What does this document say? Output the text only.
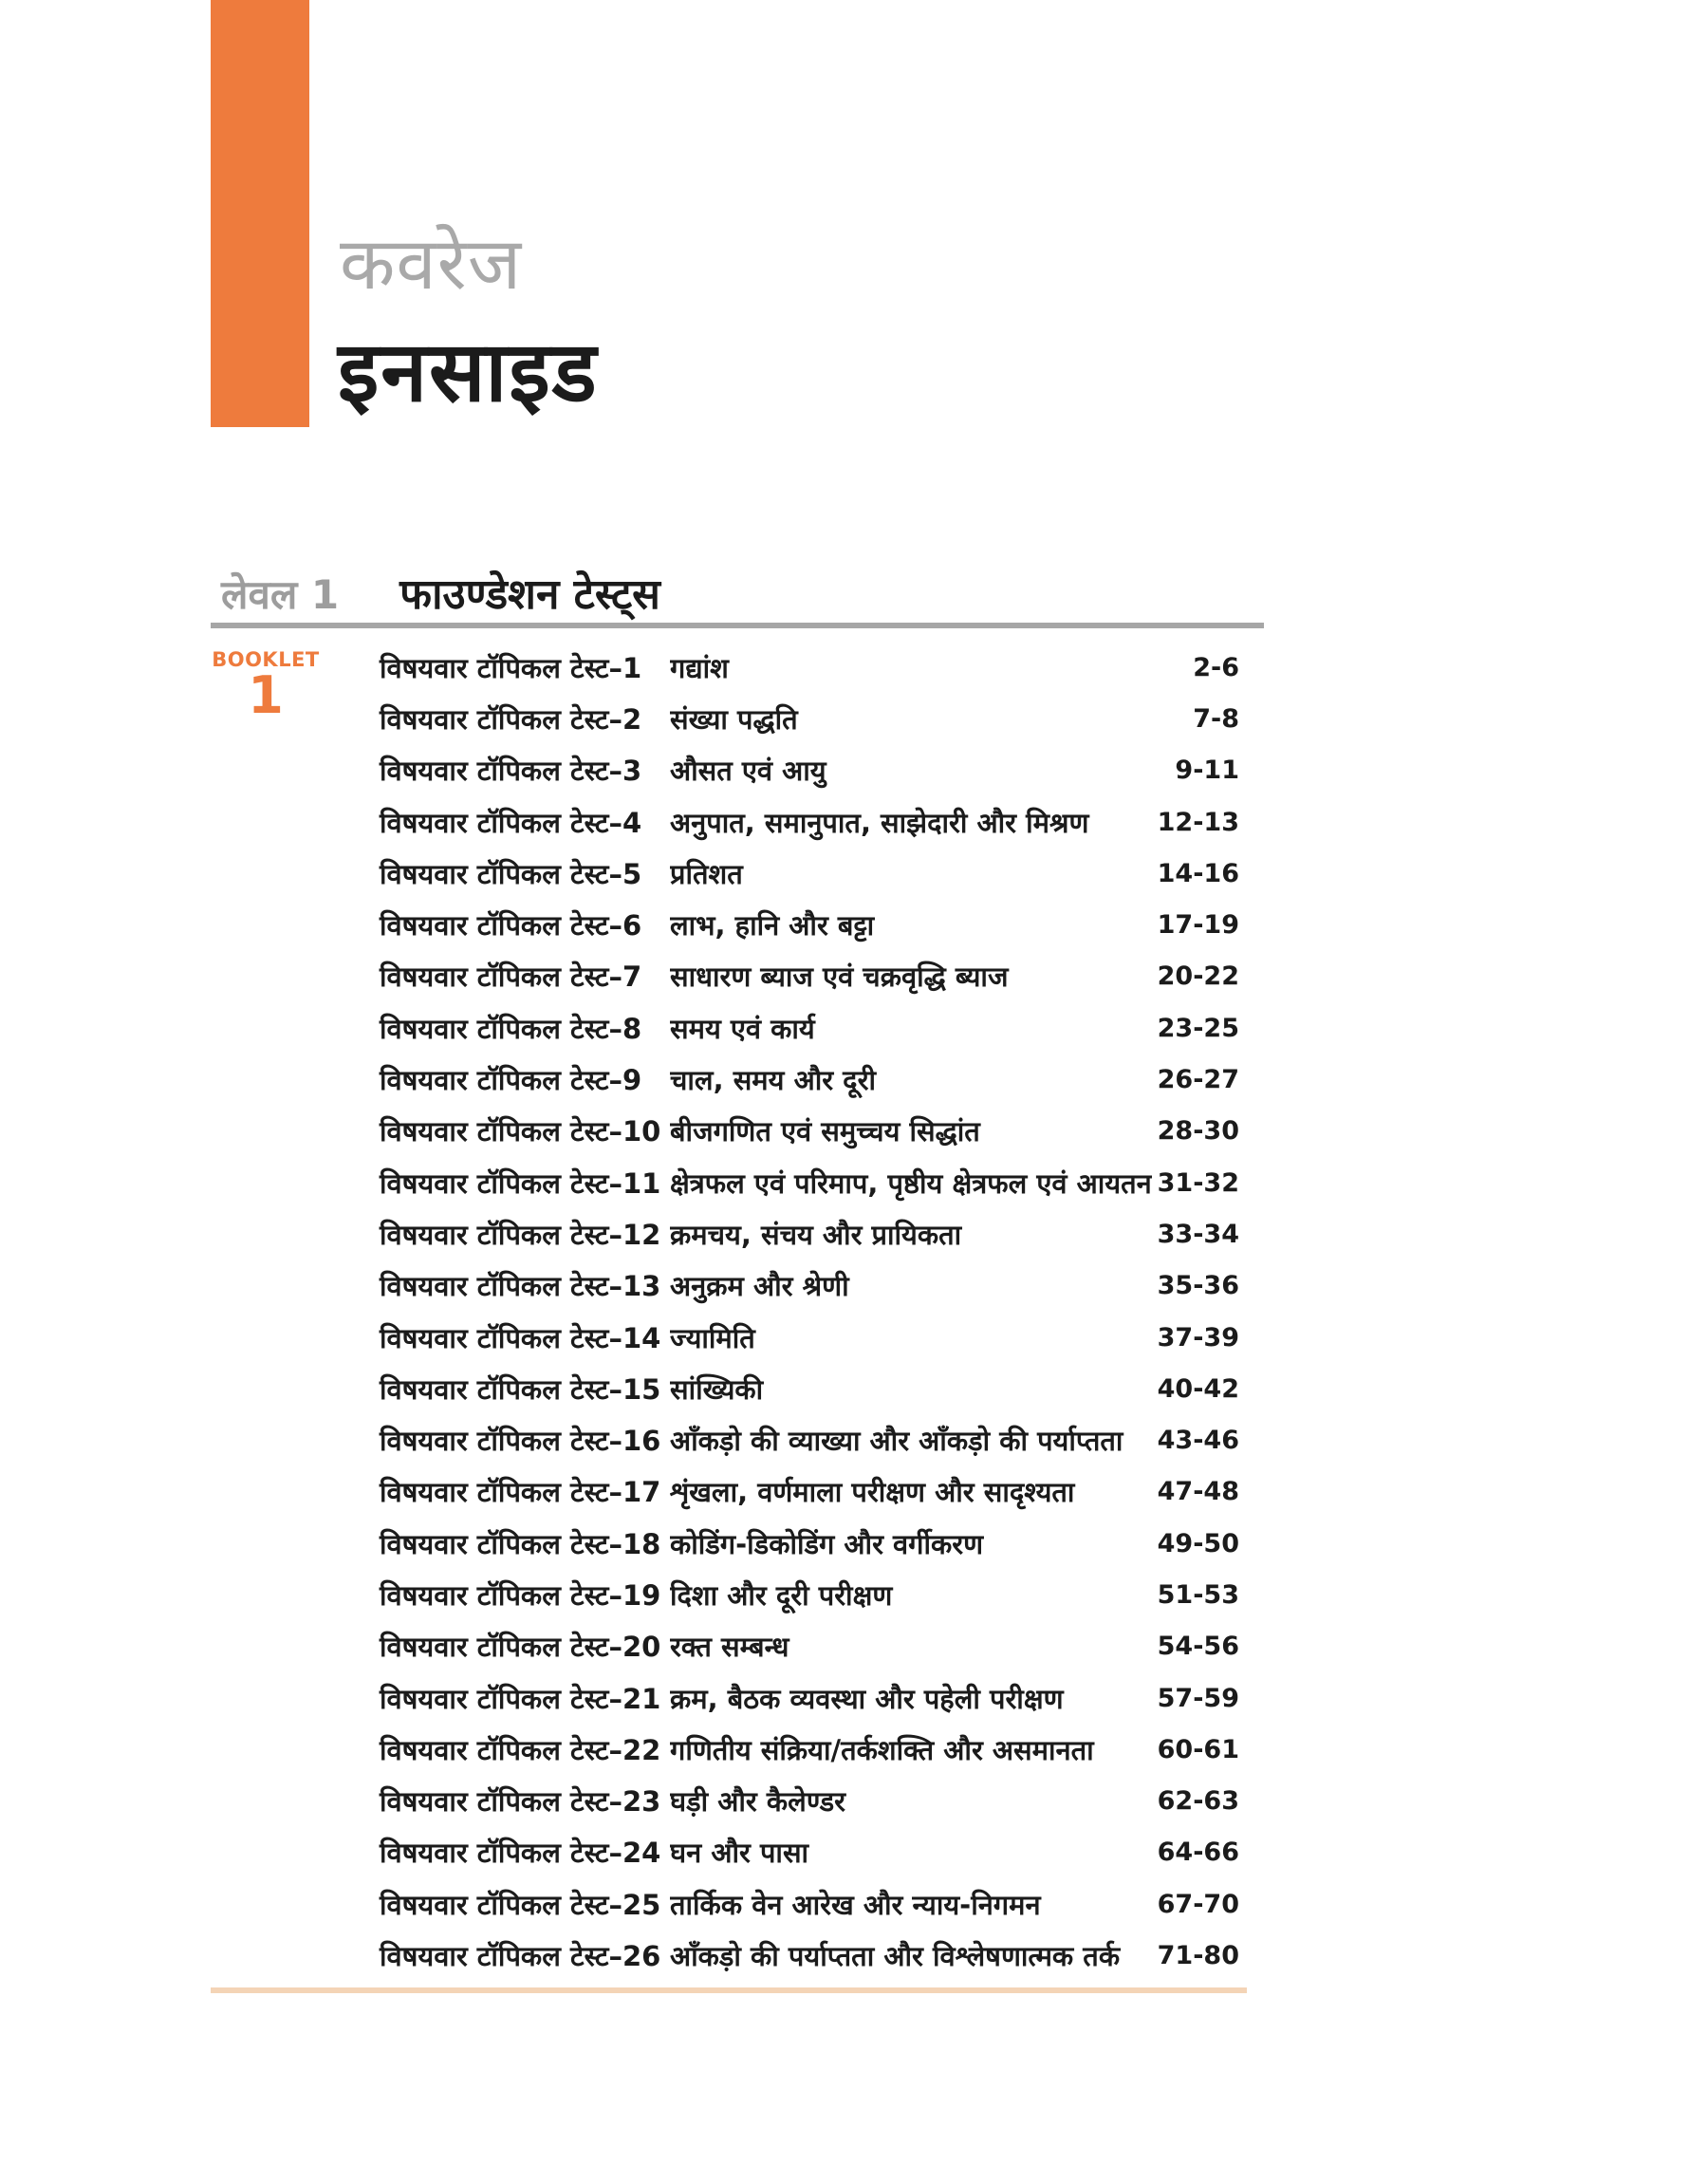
कवरेज
इनसाइड
लेवल 1 फाउण्डेशन टेस्ट्स
BOOKLET
1	विषयवार टॉपिकल टेस्ट–1	गद्यांश	2-6
विषयवार टॉपिकल टेस्ट–2	संख्या पद्धति	7-8
विषयवार टॉपिकल टेस्ट–3	औसत एवं आयु	9-11
विषयवार टॉपिकल टेस्ट–4	अनुपात, समानुपात, साझेदारी और मिश्रण	12-13
विषयवार टॉपिकल टेस्ट–5	प्रतिशत	14-16
विषयवार टॉपिकल टेस्ट–6	लाभ, हानि और बट्टा	17-19
विषयवार टॉपिकल टेस्ट–7	साधारण ब्याज एवं चक्रवृद्धि ब्याज	20-22
विषयवार टॉपिकल टेस्ट–8	समय एवं कार्य	23-25
विषयवार टॉपिकल टेस्ट–9	चाल, समय और दूरी	26-27
विषयवार टॉपिकल टेस्ट–10 बीजगणित एवं समुच्चय सिद्धांत	28-30
विषयवार टॉपिकल टेस्ट–11 क्षेत्रफल एवं परिमाप, पृष्ठीय क्षेत्रफल एवं आयतन 31-32
विषयवार टॉपिकल टेस्ट–12 क्रमचय, संचय और प्रायिकता	33-34
विषयवार टॉपिकल टेस्ट–13 अनुक्रम और श्रेणी	35-36
विषयवार टॉपिकल टेस्ट–14 ज्यामिति	37-39
विषयवार टॉपिकल टेस्ट–15 सांख्यिकी	40-42
विषयवार टॉपिकल टेस्ट–16 आँकड़ो की व्याख्या और आँकड़ो की पर्याप्तता	43-46
विषयवार टॉपिकल टेस्ट–17 शृंखला, वर्णमाला परीक्षण और सादृश्यता	47-48
विषयवार टॉपिकल टेस्ट–18 कोडिंग-डिकोडिंग और वर्गीकरण	49-50
विषयवार टॉपिकल टेस्ट–19 दिशा और दूरी परीक्षण	51-53
विषयवार टॉपिकल टेस्ट–20 रक्त सम्बन्ध	54-56
विषयवार टॉपिकल टेस्ट–21 क्रम, बैठक व्यवस्था और पहेली परीक्षण	57-59
विषयवार टॉपिकल टेस्ट–22 गणितीय संक्रिया/तर्कशक्ति और असमानता	60-61
विषयवार टॉपिकल टेस्ट–23 घड़ी और कैलेण्डर	62-63
विषयवार टॉपिकल टेस्ट–24 घन और पासा	64-66
विषयवार टॉपिकल टेस्ट–25 तार्किक वेन आरेख और न्याय-निगमन	67-70
विषयवार टॉपिकल टेस्ट–26 आँकड़ो की पर्याप्तता और विश्लेषणात्मक तर्क	71-80
